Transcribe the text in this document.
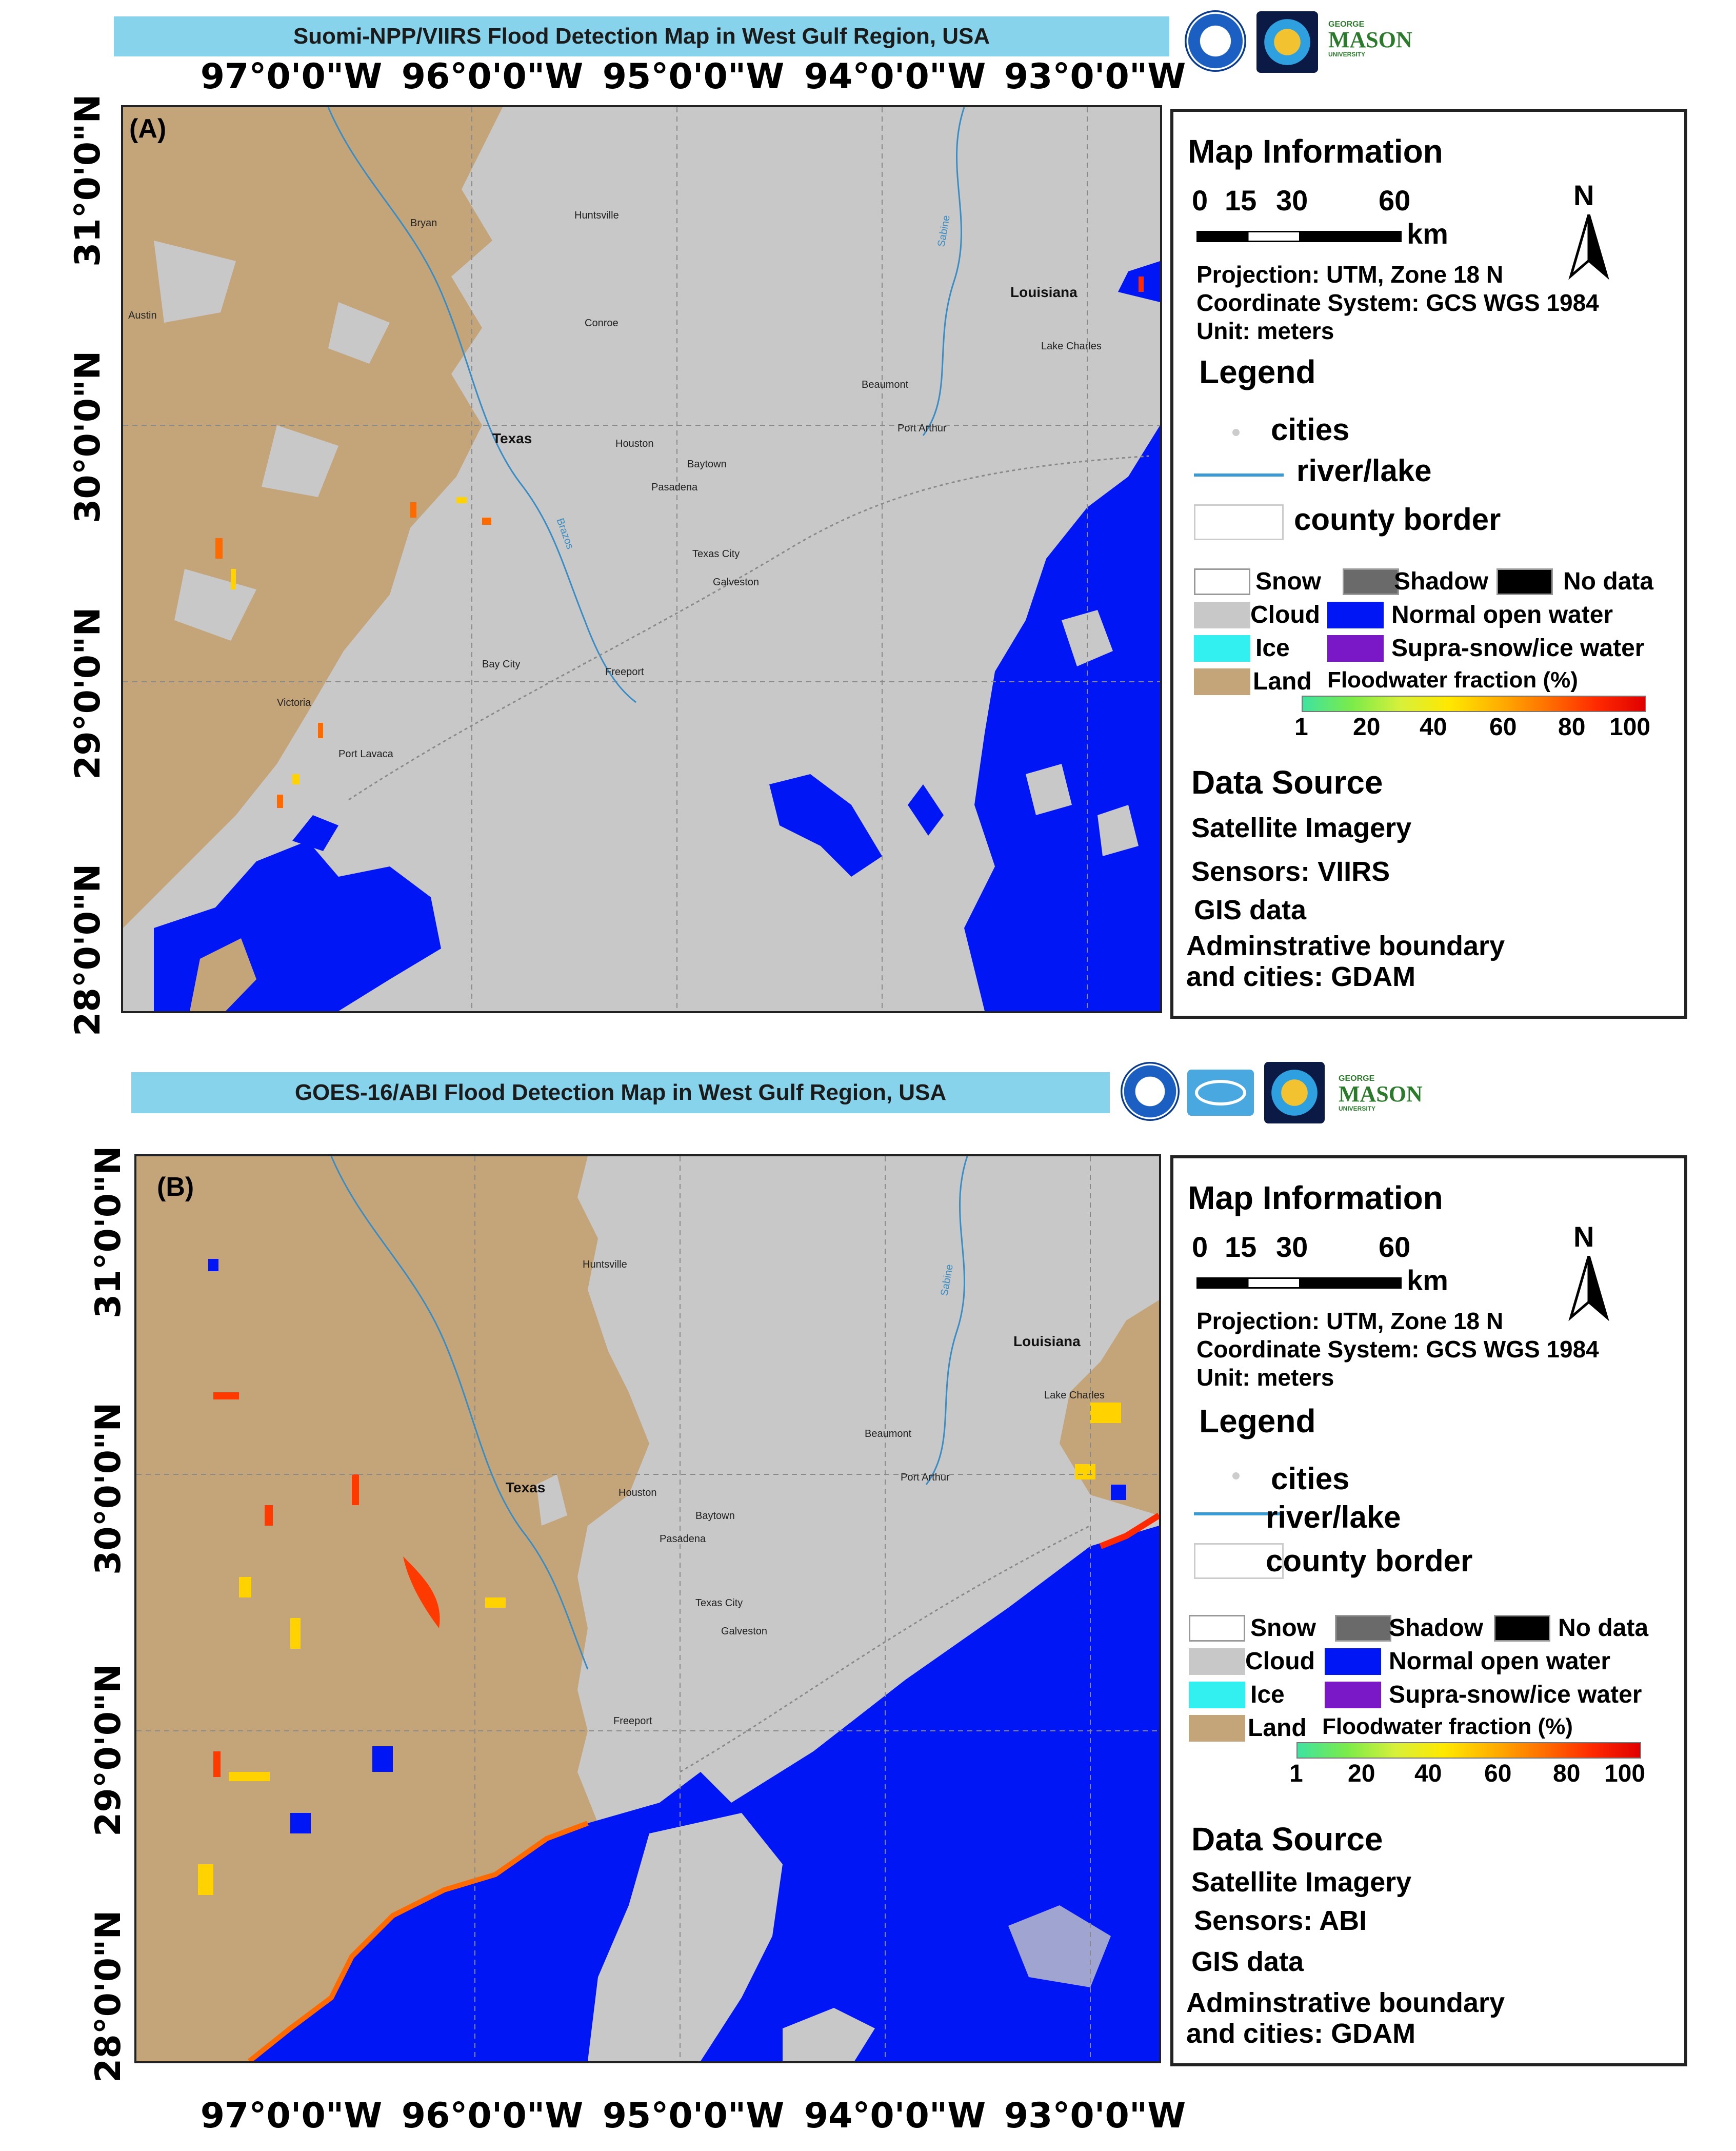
Suomi-NPP/VIIRS Flood Detection Map in West Gulf Region, USA	GEORGE
MASON
UNIVERSITY
97°0'0"W 96°0'0"W 95°0'0"W 94°0'0"W 93°0'0"W
31°0'0"N
30°0'0"N
29°0'0"N
28°0'0"N
(A)
Texas
Louisiana
Bryan
Huntsville
Conroe
Austin
Houston
Baytown
Pasadena
Beaumont
Port Arthur
Lake Charles
Texas City
Galveston
Bay City
Freeport
Victoria
Port Lavaca
Sabine
Brazos
Map Information
0 15 30 60
km
N
Projection: UTM, Zone 18 N
Coordinate System: GCS WGS 1984
Unit: meters
Legend
cities
Snow	Shadow	No data
Cloud	Normal open water
Ice	Supra-snow/ice water
Land Floodwater fraction (%)
1 20 40 60 80 100
Data Source
Satellite Imagery
Sensors: VIIRS
GIS data
Adminstrative boundary
and cities: GDAM
river/lake
county border
GOES-16/ABI Flood Detection Map in West Gulf Region, USA
GEORGE
MASON
UNIVERSITY
31°0'0"N
30°0'0"N
29°0'0"N
28°0'0"N
(B)
Texas
Louisiana
Huntsville
Houston
Baytown
Pasadena
Beaumont
Port Arthur
Lake Charles
Texas City
Galveston
Freeport
Sabine
97°0'0"W 96°0'0"W 95°0'0"W 94°0'0"W 93°0'0"W
Map Information
0 15 30 60
km
N
Projection: UTM, Zone 18 N
Coordinate System: GCS WGS 1984
Unit: meters
Legend
cities
river/lake
county border
Snow	Shadow	No data
Cloud	Normal open water
Ice	Supra-snow/ice water
Land Floodwater fraction (%)
1 20 40 60 80 100
Data Source
Satellite Imagery
Sensors: ABI
GIS data
Adminstrative boundary
and cities: GDAM
